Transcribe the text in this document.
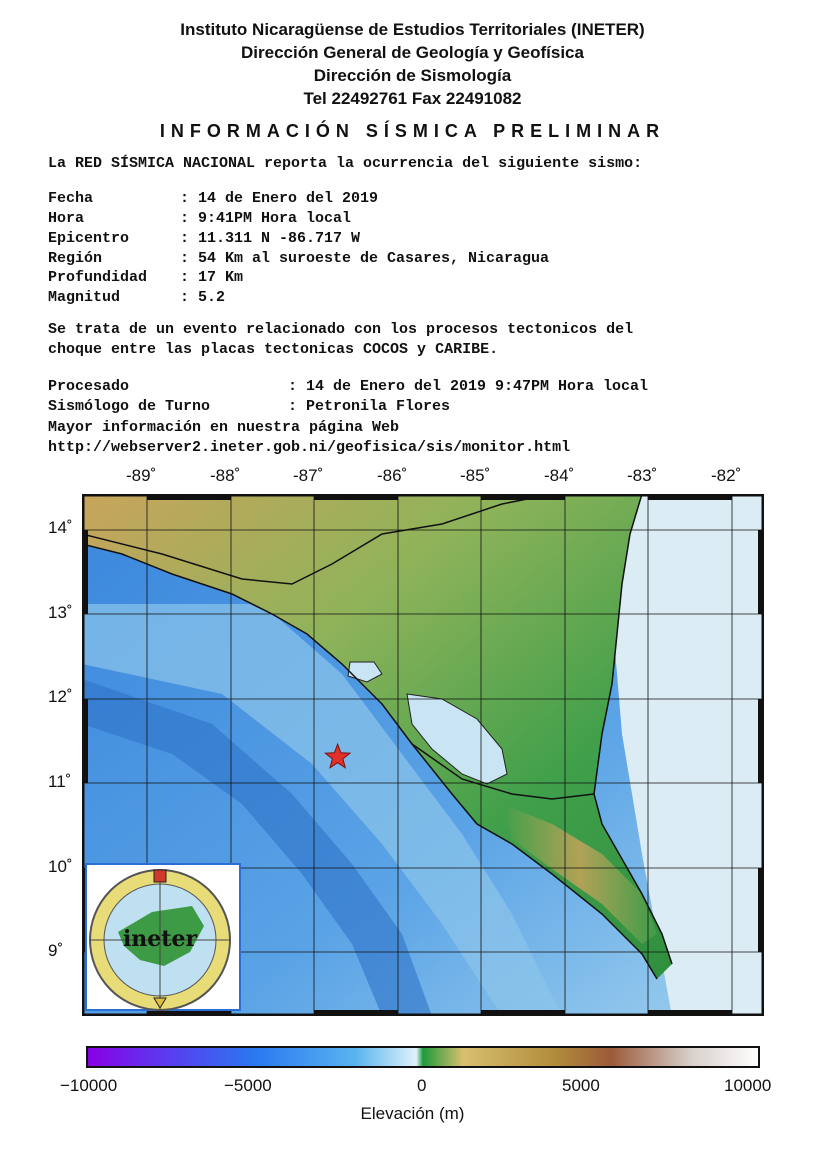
Instituto Nicaragüense de Estudios Territoriales (INETER)
Dirección General de Geología y Geofísica
Dirección de Sismología
Tel 22492761 Fax 22491082
INFORMACIÓN SÍSMICA PRELIMINAR
La RED SÍSMICA NACIONAL reporta la ocurrencia del siguiente sismo:
Fecha	: 14 de Enero del 2019
Hora	: 9:41PM Hora local
Epicentro	: 11.311 N -86.717 W
Región	: 54 Km al suroeste de Casares, Nicaragua
Profundidad : 17 Km
Magnitud	: 5.2
Se trata de un evento relacionado con los procesos tectonicos del
choque entre las placas tectonicas COCOS y CARIBE.
Procesado	: 14 de Enero del 2019 9:47PM Hora local
Sismólogo de Turno	: Petronila Flores
Mayor información en nuestra página Web
http://webserver2.ineter.gob.ni/geofisica/sis/monitor.html
-89˚	-88˚	-87˚	-86˚	-85˚	-84˚	-83˚	-82˚
14˚
13˚
12˚
11˚
10˚
9˚	ineter
−10000	−5000	0	5000	10000
Elevación (m)
